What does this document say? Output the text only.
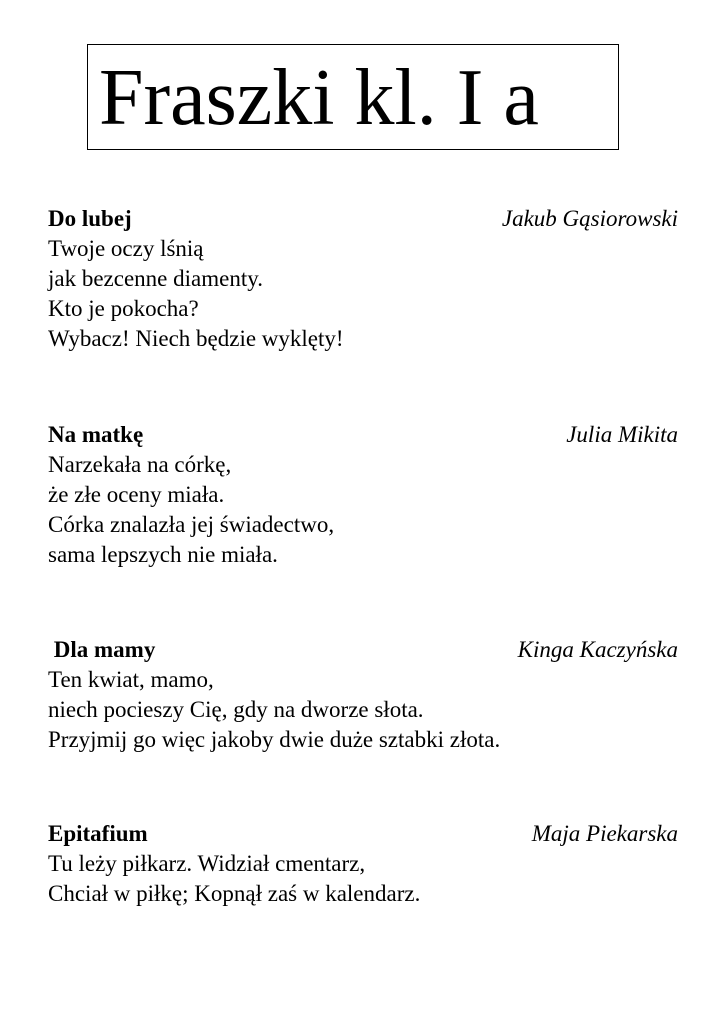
Fraszki kl. I a
Do lubej	Jakub Gąsiorowski
Twoje oczy lśnią
jak bezcenne diamenty.
Kto je pokocha?
Wybacz! Niech będzie wyklęty!
Na matkę	Julia Mikita
Narzekała na córkę,
że złe oceny miała.
Córka znalazła jej świadectwo,
sama lepszych nie miała.
Dla mamy	Kinga Kaczyńska
Ten kwiat, mamo,
niech pocieszy Cię, gdy na dworze słota.
Przyjmij go więc jakoby dwie duże sztabki złota.
Epitafium	Maja Piekarska
Tu leży piłkarz. Widział cmentarz,
Chciał w piłkę; Kopnął zaś w kalendarz.
